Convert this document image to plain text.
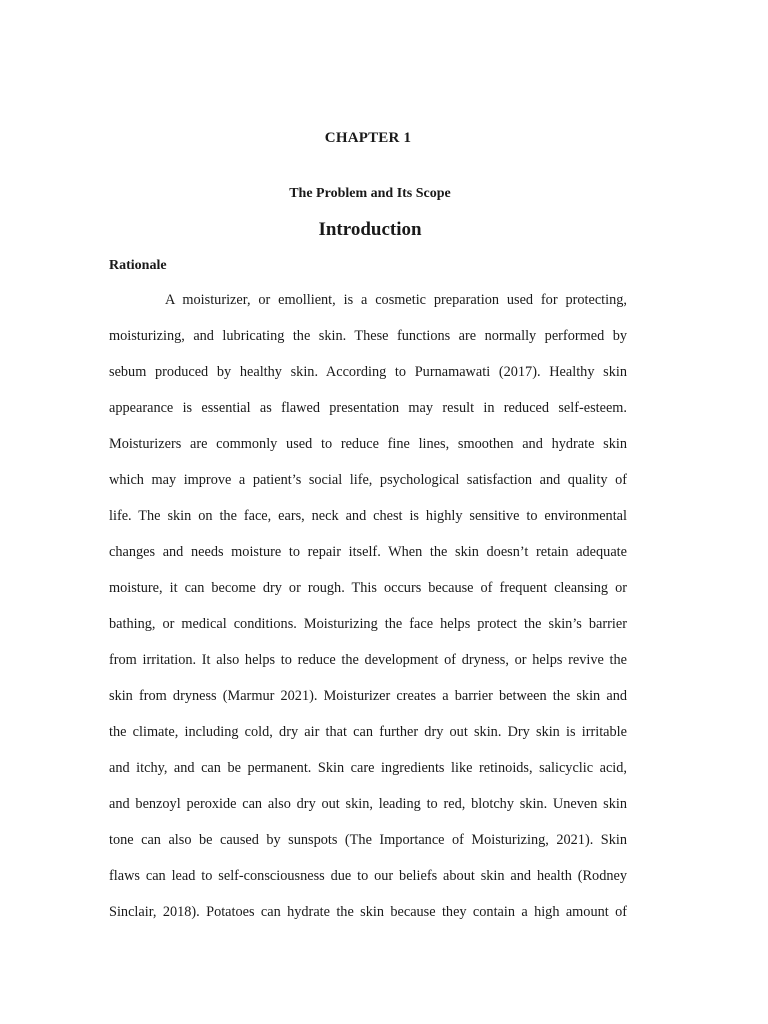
CHAPTER 1
The Problem and Its Scope
Introduction
Rationale
A moisturizer, or emollient, is a cosmetic preparation used for protecting,
moisturizing, and lubricating the skin. These functions are normally performed by
sebum produced by healthy skin. According to Purnamawati (2017). Healthy skin
appearance is essential as flawed presentation may result in reduced self-esteem.
Moisturizers are commonly used to reduce fine lines, smoothen and hydrate skin
which may improve a patient’s social life, psychological satisfaction and quality of
life. The skin on the face, ears, neck and chest is highly sensitive to environmental
changes and needs moisture to repair itself. When the skin doesn’t retain adequate
moisture, it can become dry or rough. This occurs because of frequent cleansing or
bathing, or medical conditions. Moisturizing the face helps protect the skin’s barrier
from irritation. It also helps to reduce the development of dryness, or helps revive the
skin from dryness (Marmur 2021). Moisturizer creates a barrier between the skin and
the climate, including cold, dry air that can further dry out skin. Dry skin is irritable
and itchy, and can be permanent. Skin care ingredients like retinoids, salicyclic acid,
and benzoyl peroxide can also dry out skin, leading to red, blotchy skin. Uneven skin
tone can also be caused by sunspots (The Importance of Moisturizing, 2021). Skin
flaws can lead to self-consciousness due to our beliefs about skin and health (Rodney
Sinclair, 2018). Potatoes can hydrate the skin because they contain a high amount of
